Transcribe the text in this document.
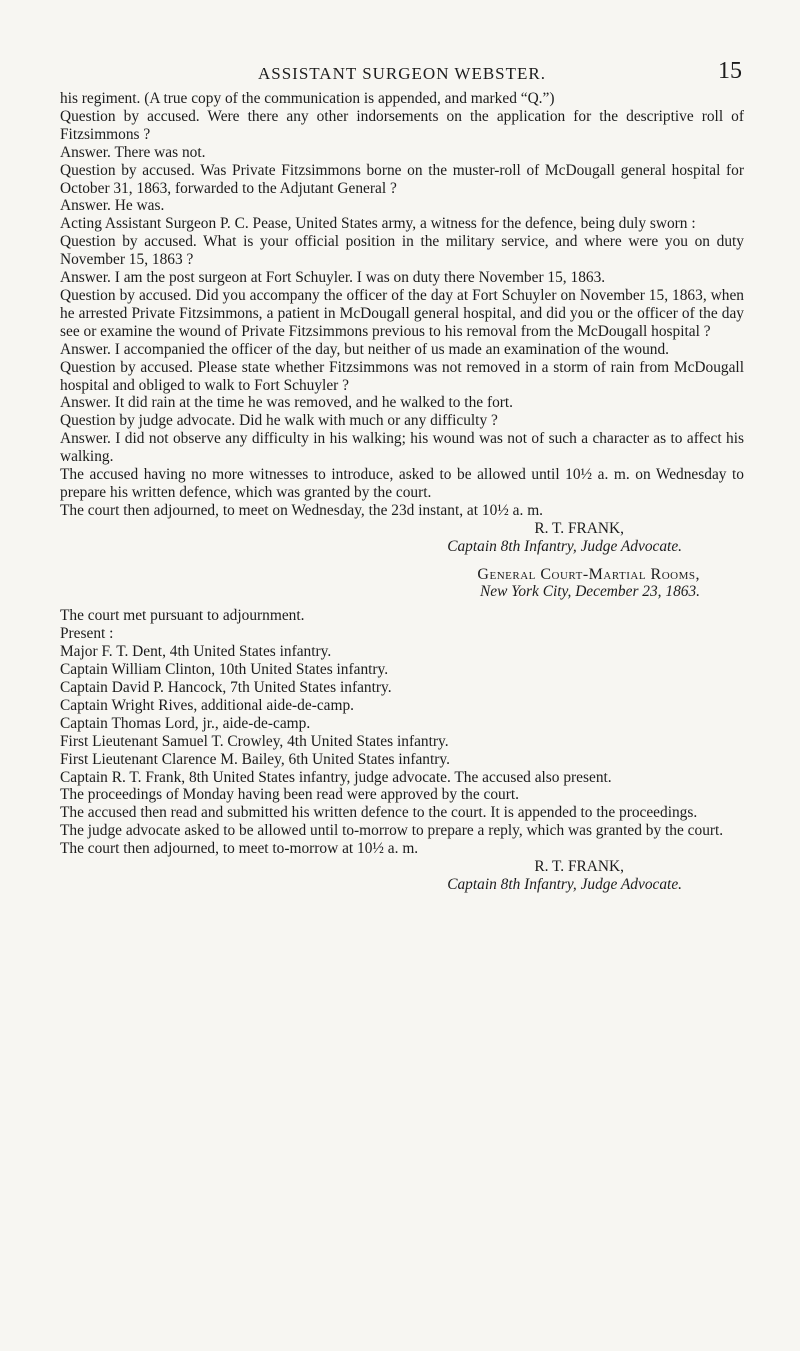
ASSISTANT SURGEON WEBSTER.	15

his regiment. (A true copy of the communication is appended, and marked “Q.”)

Question by accused. Were there any other indorsements on the application for the descriptive roll of Fitzsimmons ?

Answer. There was not.

Question by accused. Was Private Fitzsimmons borne on the muster-roll of McDougall general hospital for October 31, 1863, forwarded to the Adjutant General ?

Answer. He was.

Acting Assistant Surgeon P. C. Pease, United States army, a witness for the defence, being duly sworn :

Question by accused. What is your official position in the military service, and where were you on duty November 15, 1863 ?

Answer. I am the post surgeon at Fort Schuyler. I was on duty there November 15, 1863.

Question by accused. Did you accompany the officer of the day at Fort Schuyler on November 15, 1863, when he arrested Private Fitzsimmons, a patient in McDougall general hospital, and did you or the officer of the day see or examine the wound of Private Fitzsimmons previous to his removal from the McDougall hospital ?

Answer. I accompanied the officer of the day, but neither of us made an examination of the wound.

Question by accused. Please state whether Fitzsimmons was not removed in a storm of rain from McDougall hospital and obliged to walk to Fort Schuyler ?

Answer. It did rain at the time he was removed, and he walked to the fort.

Question by judge advocate. Did he walk with much or any difficulty ?

Answer. I did not observe any difficulty in his walking; his wound was not of such a character as to affect his walking.

The accused having no more witnesses to introduce, asked to be allowed until 10½ a. m. on Wednesday to prepare his written defence, which was granted by the court.

The court then adjourned, to meet on Wednesday, the 23d instant, at 10½ a. m.

R. T. FRANK,
Captain 8th Infantry, Judge Advocate.
General Court-Martial Rooms,
New York City, December 23, 1863.

The court met pursuant to adjournment.

Present :

Major F. T. Dent, 4th United States infantry.

Captain William Clinton, 10th United States infantry.

Captain David P. Hancock, 7th United States infantry.

Captain Wright Rives, additional aide-de-camp.

Captain Thomas Lord, jr., aide-de-camp.

First Lieutenant Samuel T. Crowley, 4th United States infantry.

First Lieutenant Clarence M. Bailey, 6th United States infantry.

Captain R. T. Frank, 8th United States infantry, judge advocate. The accused also present.

The proceedings of Monday having been read were approved by the court.

The accused then read and submitted his written defence to the court. It is appended to the proceedings.

The judge advocate asked to be allowed until to-morrow to prepare a reply, which was granted by the court.

The court then adjourned, to meet to-morrow at 10½ a. m.

R. T. FRANK,
Captain 8th Infantry, Judge Advocate.
